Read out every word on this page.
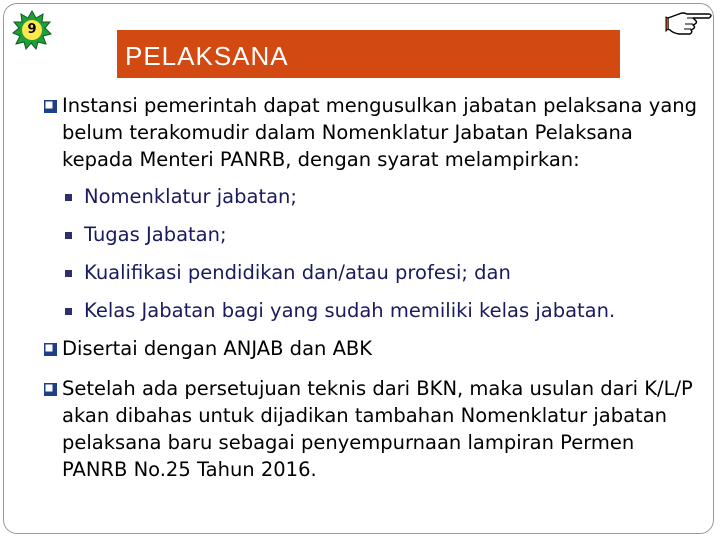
9
PELAKSANA
Instansi pemerintah dapat mengusulkan jabatan pelaksana yang belum terakomudir dalam Nomenklatur Jabatan Pelaksana kepada Menteri PANRB, dengan syarat melampirkan:
Nomenklatur jabatan;
Tugas Jabatan;
Kualifikasi pendidikan dan/atau profesi; dan
Kelas Jabatan bagi yang sudah memiliki kelas jabatan.
Disertai dengan ANJAB dan ABK
Setelah ada persetujuan teknis dari BKN, maka usulan dari K/L/P akan dibahas untuk dijadikan tambahan Nomenklatur jabatan pelaksana baru sebagai penyempurnaan lampiran Permen PANRB No.25 Tahun 2016.
